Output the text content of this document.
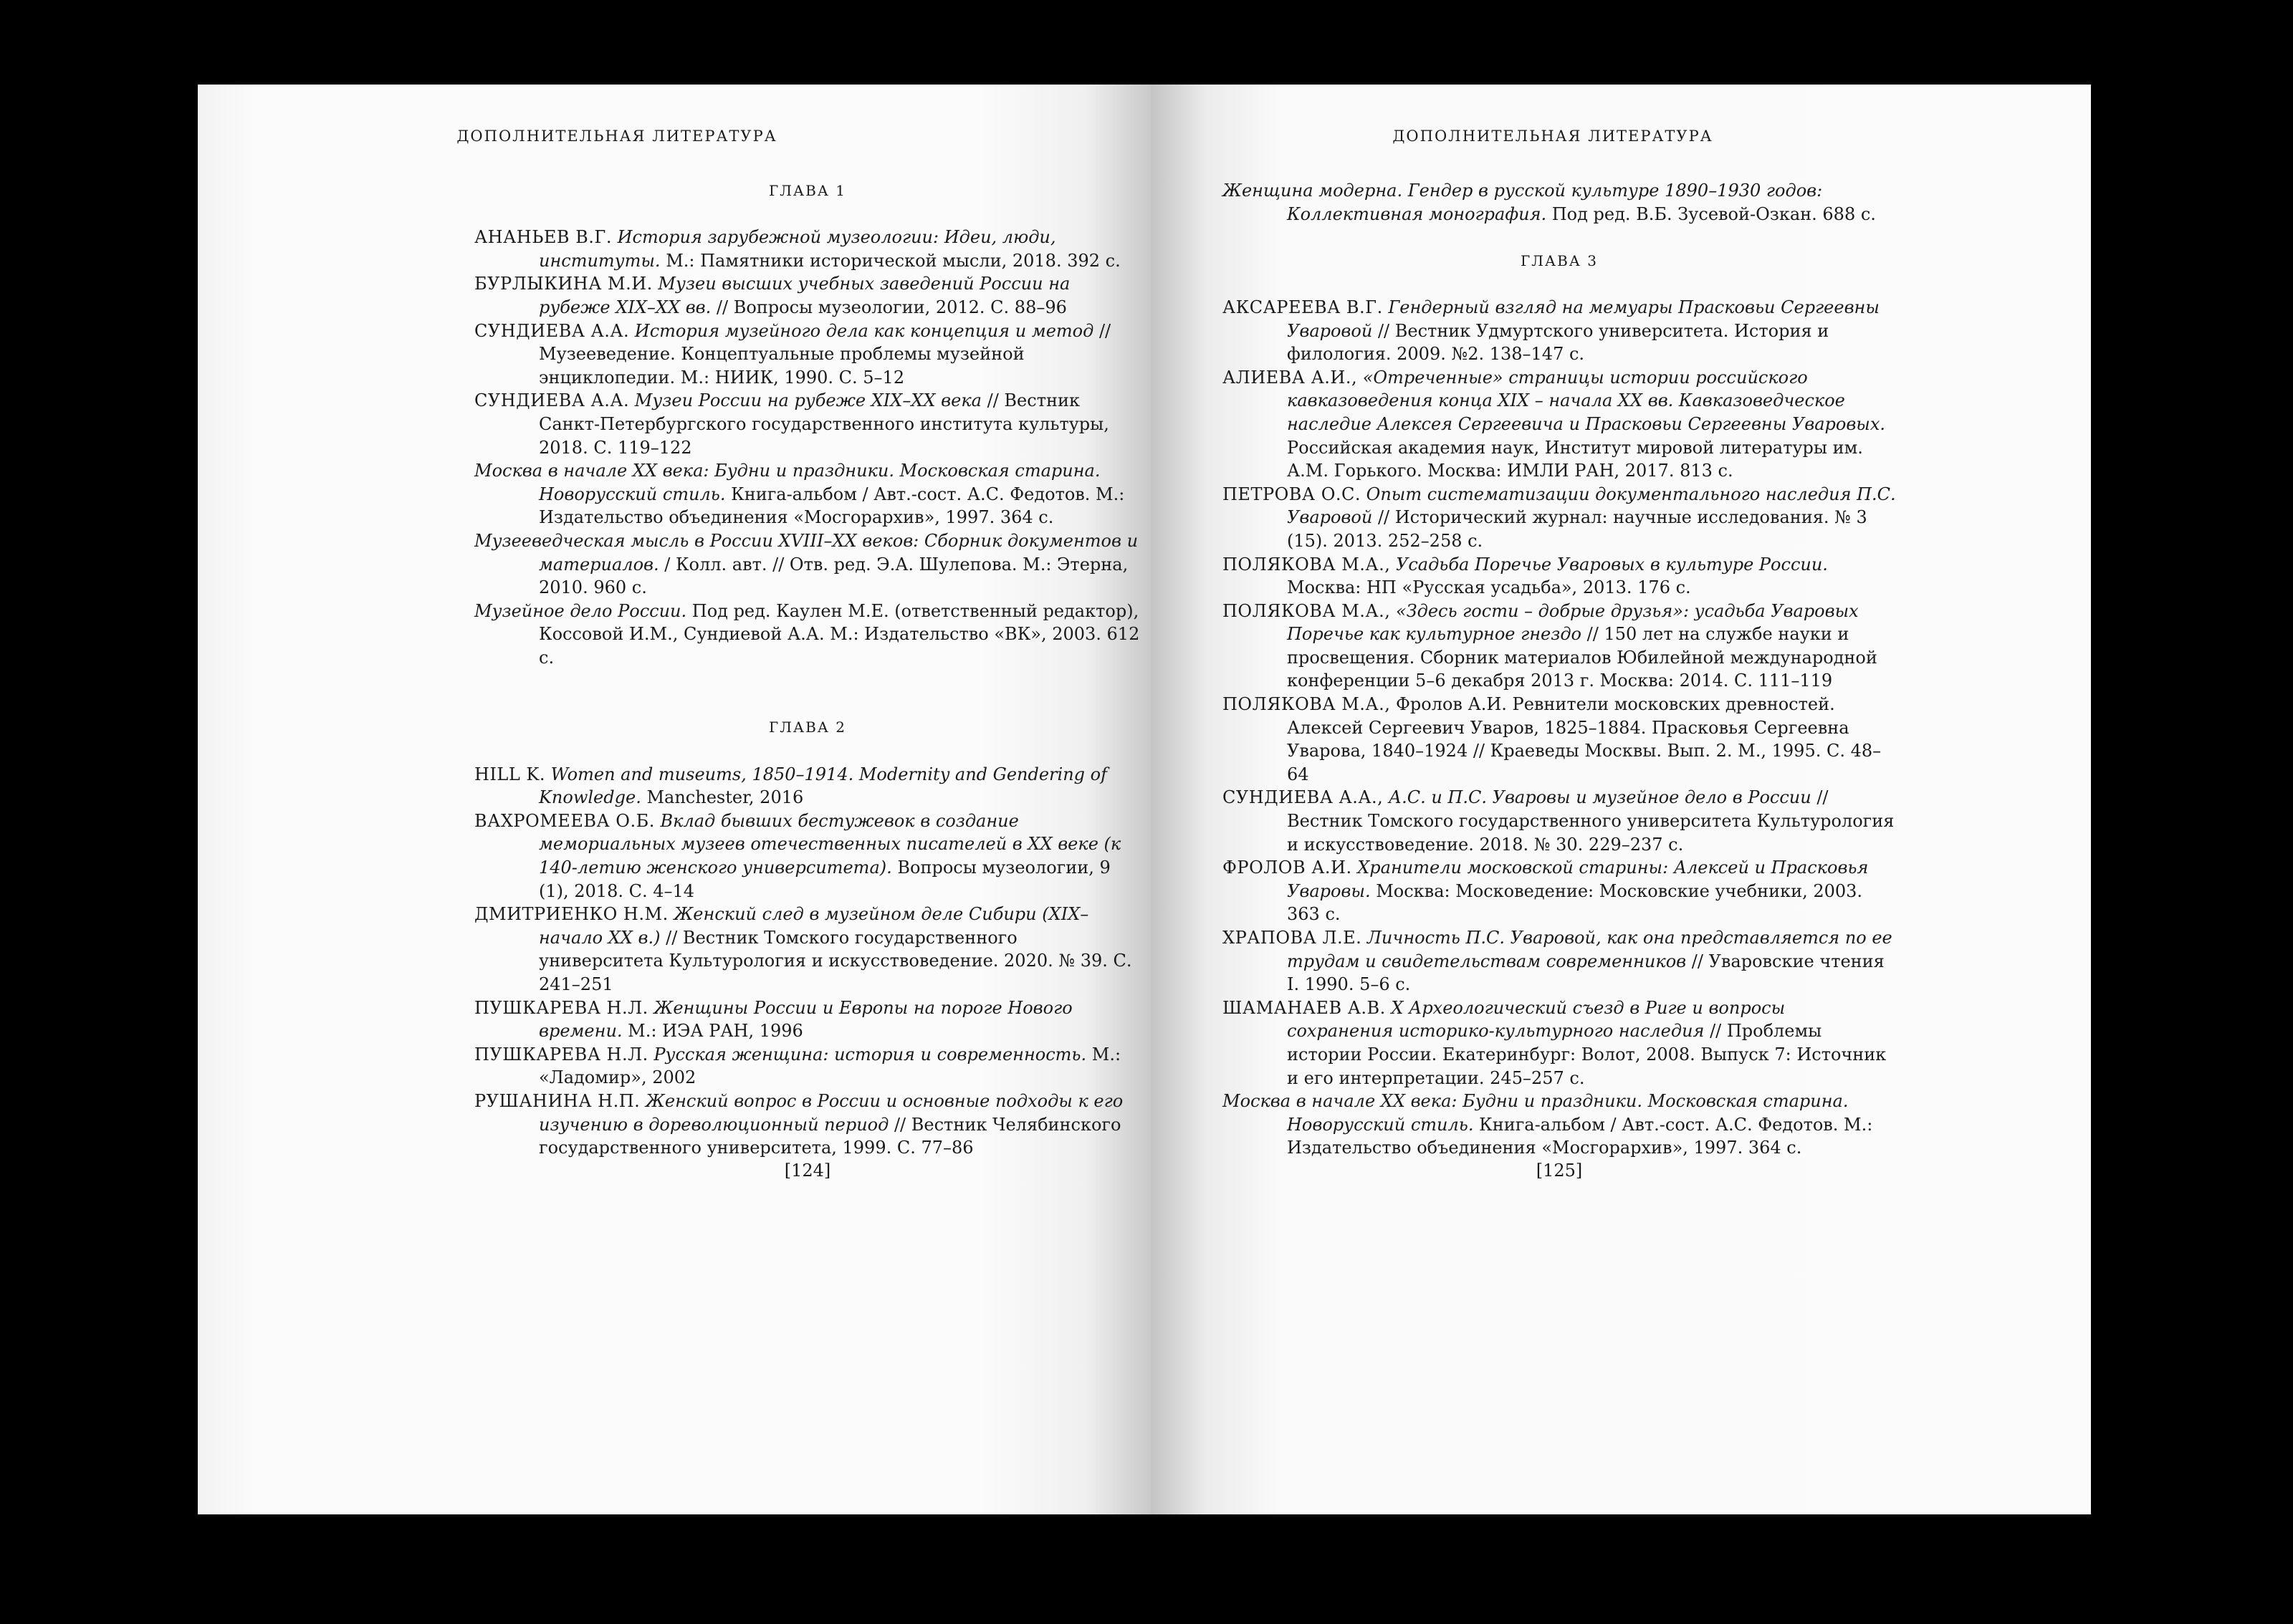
ДОПОЛНИТЕЛЬНАЯ ЛИТЕРАТУРА
ГЛАВА 1
АНАНЬЕВ В.Г. История зарубежной музеологии: Идеи, люди, институты. М.: Памятники исторической мысли, 2018. 392 с.
БУРЛЫКИНА М.И. Музеи высших учебных заведений России на рубеже XIX–XX вв. // Вопросы музеологии, 2012. С. 88–96
СУНДИЕВА А.А. История музейного дела как концепция и метод // Музееведение. Концептуальные проблемы музейной энциклопедии. М.: НИИК, 1990. С. 5–12
СУНДИЕВА А.А. Музеи России на рубеже XIX–XX века // Вестник Санкт-Петербургского государственного института культуры, 2018. С. 119–122
Москва в начале XX века: Будни и праздники. Московская старина. Новорусский стиль. Книга-альбом / Авт.-сост. А.С. Федотов. М.: Издательство объединения «Мосгорархив», 1997. 364 с.
Музееведческая мысль в России XVIII–XX веков: Сборник документов и материалов. / Колл. авт. // Отв. ред. Э.А. Шулепова. М.: Этерна, 2010. 960 с.
Музейное дело России. Под ред. Каулен М.Е. (ответственный редактор), Коссовой И.М., Сундиевой А.А. М.: Издательство «ВК», 2003. 612 с.
ГЛАВА 2
HILL K. Women and museums, 1850–1914. Modernity and Gendering of Knowledge. Manchester, 2016
ВАХРОМЕЕВА О.Б. Вклад бывших бестужевок в создание мемориальных музеев отечественных писателей в XX веке (к 140-летию женского университета). Вопросы музеологии, 9 (1), 2018. С. 4–14
ДМИТРИЕНКО Н.М. Женский след в музейном деле Сибири (XIX–начало XX в.) // Вестник Томского государственного университета Культурология и искусствоведение. 2020. № 39. С. 241–251
ПУШКАРЕВА Н.Л. Женщины России и Европы на пороге Нового времени. М.: ИЭА РАН, 1996
ПУШКАРЕВА Н.Л. Русская женщина: история и современность. М.: «Ладомир», 2002
РУШАНИНА Н.П. Женский вопрос в России и основные подходы к его изучению в дореволюционный период // Вестник Челябинского государственного университета, 1999. С. 77–86
[124]
ДОПОЛНИТЕЛЬНАЯ ЛИТЕРАТУРА
Женщина модерна. Гендер в русской культуре 1890–1930 годов: Коллективная монография. Под ред. В.Б. Зусевой-Озкан. 688 с.
ГЛАВА 3
АКСАРЕЕВА В.Г. Гендерный взгляд на мемуары Прасковьи Сергеевны Уваровой // Вестник Удмуртского университета. История и филология. 2009. №2. 138–147 с.
АЛИЕВА А.И., «Отреченные» страницы истории российского кавказоведения конца XIX – начала XX вв. Кавказоведческое наследие Алексея Сергеевича и Прасковьи Сергеевны Уваровых. Российская академия наук, Институт мировой литературы им. А.М. Горького. Москва: ИМЛИ РАН, 2017. 813 с.
ПЕТРОВА О.С. Опыт систематизации документального наследия П.С. Уваровой // Исторический журнал: научные исследования. № 3 (15). 2013. 252–258 с.
ПОЛЯКОВА М.А., Усадьба Поречье Уваровых в культуре России. Москва: НП «Русская усадьба», 2013. 176 с.
ПОЛЯКОВА М.А., «Здесь гости – добрые друзья»: усадьба Уваровых Поречье как культурное гнездо // 150 лет на службе науки и просвещения. Сборник материалов Юбилейной международной конференции 5–6 декабря 2013 г. Москва: 2014. С. 111–119
ПОЛЯКОВА М.А., Фролов А.И. Ревнители московских древностей. Алексей Сергеевич Уваров, 1825–1884. Прасковья Сергеевна Уварова, 1840–1924 // Краеведы Москвы. Вып. 2. М., 1995. С. 48–64
СУНДИЕВА А.А., А.С. и П.С. Уваровы и музейное дело в России // Вестник Томского государственного университета Культурология и искусствоведение. 2018. № 30. 229–237 с.
ФРОЛОВ А.И. Хранители московской старины: Алексей и Прасковья Уваровы. Москва: Московедение: Московские учебники, 2003. 363 с.
ХРАПОВА Л.Е. Личность П.С. Уваровой, как она представляется по ее трудам и свидетельствам современников // Уваровские чтения I. 1990. 5–6 с.
ШАМАНАЕВ А.В. X Археологический съезд в Риге и вопросы сохранения историко-культурного наследия // Проблемы истории России. Екатеринбург: Волот, 2008. Выпуск 7: Источник и его интерпретации. 245–257 с.
Москва в начале XX века: Будни и праздники. Московская старина. Новорусский стиль. Книга-альбом / Авт.-сост. А.С. Федотов. М.: Издательство объединения «Мосгорархив», 1997. 364 с.
[125]
